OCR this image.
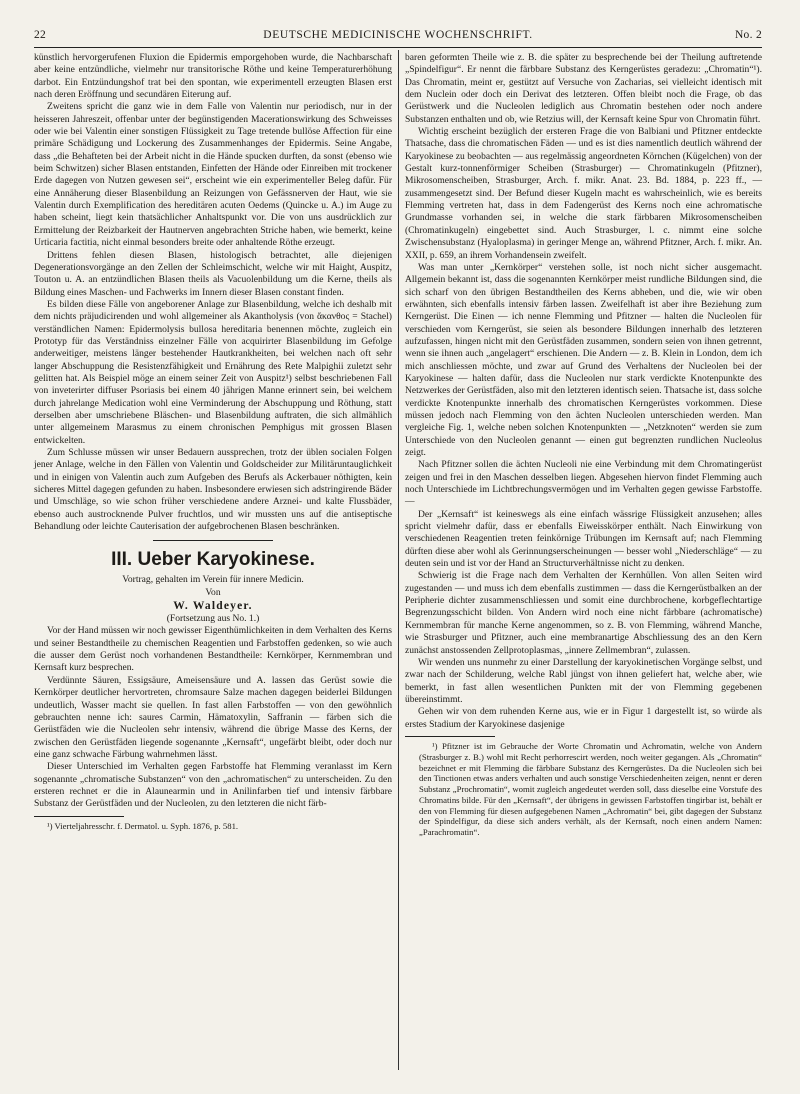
22	DEUTSCHE MEDICINISCHE WOCHENSCHRIFT.	No. 2

künstlich hervorgerufenen Fluxion die Epidermis emporgehoben wurde, die Nachbarschaft aber keine entzündliche, vielmehr nur transitorische Röthe und keine Temperaturerhöhung darbot. Ein Entzündungshof trat bei den spontan, wie experimentell erzeugten Blasen erst nach deren Eröffnung und secundären Eiterung auf.

Zweitens spricht die ganz wie in dem Falle von Valentin nur periodisch, nur in der heisseren Jahreszeit, offenbar unter der begünstigenden Macerationswirkung des Schweisses oder wie bei Valentin einer sonstigen Flüssigkeit zu Tage tretende bullöse Affection für eine primäre Schädigung und Lockerung des Zusammenhanges der Epidermis. Seine Angabe, dass „die Behafteten bei der Arbeit nicht in die Hände spucken durften, da sonst (ebenso wie beim Schwitzen) sicher Blasen entstanden, Einfetten der Hände oder Einreiben mit trockener Erde dagegen von Nutzen gewesen sei“, erscheint wie ein experimenteller Beleg dafür. Für eine Annäherung dieser Blasenbildung an Reizungen von Gefässnerven der Haut, wie sie Valentin durch Exemplification des hereditären acuten Oedems (Quincke u. A.) im Auge zu haben scheint, liegt kein thatsächlicher Anhaltspunkt vor. Die von uns ausdrücklich zur Ermittelung der Reizbarkeit der Hautnerven angebrachten Striche haben, wie bemerkt, keine Urticaria factitia, nicht einmal besonders breite oder anhaltende Röthe erzeugt.

Drittens fehlen diesen Blasen, histologisch betrachtet, alle diejenigen Degenerationsvorgänge an den Zellen der Schleimschicht, welche wir mit Haight, Auspitz, Touton u. A. an entzündlichen Blasen theils als Vacuolenbildung um die Kerne, theils als Bildung eines Maschen- und Fachwerks im Innern dieser Blasen constant finden.

Es bilden diese Fälle von angeborener Anlage zur Blasenbildung, welche ich deshalb mit dem nichts präjudicirenden und wohl allgemeiner als Akantholysis (von ἄκανθος = Stachel) verständlichen Namen: Epidermolysis bullosa hereditaria benennen möchte, zugleich ein Prototyp für das Verständniss einzelner Fälle von acquirirter Blasenbildung im Gefolge anderweitiger, meistens länger bestehender Hautkrankheiten, bei welchen nach oft sehr langer Abschuppung die Resistenzfähigkeit und Ernährung des Rete Malpighii zuletzt sehr gelitten hat. Als Beispiel möge an einem seiner Zeit von Auspitz¹) selbst beschriebenen Fall von inveterirter diffuser Psoriasis bei einem 40 jährigen Manne erinnert sein, bei welchem durch jahrelange Medication wohl eine Verminderung der Abschuppung und Röthung, statt derselben aber umschriebene Bläschen- und Blasenbildung auftraten, die sich allmählich unter allgemeinem Marasmus zu einem chronischen Pemphigus mit grossen Blasen entwickelten.

Zum Schlusse müssen wir unser Bedauern aussprechen, trotz der üblen socialen Folgen jener Anlage, welche in den Fällen von Valentin und Goldscheider zur Militäruntauglichkeit und in einigen von Valentin auch zum Aufgeben des Berufs als Ackerbauer nöthigten, kein sicheres Mittel dagegen gefunden zu haben. Insbesondere erwiesen sich adstringirende Bäder und Umschläge, so wie schon früher verschiedene andere Arznei- und kalte Flussbäder, ebenso auch austrocknende Pulver fruchtlos, und wir mussten uns auf die antiseptische Behandlung oder leichte Cauterisation der aufgebrochenen Blasen beschränken.

III. Ueber Karyokinese.

Vortrag, gehalten im Verein für innere Medicin.

Von

W. Waldeyer.

(Fortsetzung aus No. 1.)

Vor der Hand müssen wir noch gewisser Eigenthümlichkeiten in dem Verhalten des Kerns und seiner Bestandtheile zu chemischen Reagentien und Farbstoffen gedenken, so wie auch die ausser dem Gerüst noch vorhandenen Bestandtheile: Kernkörper, Kernmembran und Kernsaft kurz besprechen.

Verdünnte Säuren, Essigsäure, Ameisensäure und A. lassen das Gerüst sowie die Kernkörper deutlicher hervortreten, chromsaure Salze machen dagegen beiderlei Bildungen undeutlich, Wasser macht sie quellen. In fast allen Farbstoffen — von den gewöhnlich gebrauchten nenne ich: saures Carmin, Hämatoxylin, Saffranin — färben sich die Gerüstfäden wie die Nucleolen sehr intensiv, während die übrige Masse des Kerns, der zwischen den Gerüstfäden liegende sogenannte „Kernsaft“, ungefärbt bleibt, oder doch nur eine ganz schwache Färbung wahrnehmen lässt.

Dieser Unterschied im Verhalten gegen Farbstoffe hat Flemming veranlasst im Kern sogenannte „chromatische Substanzen“ von den „achromatischen“ zu unterscheiden. Zu den ersteren rechnet er die in Alaunearmin und in Anilinfarben tief und intensiv färbbare Substanz der Gerüstfäden und der Nucleolen, zu den letzteren die nicht färb-

¹) Vierteljahresschr. f. Dermatol. u. Syph. 1876, p. 581.

baren geformten Theile wie z. B. die später zu besprechende bei der Theilung auftretende „Spindelfigur“. Er nennt die färbbare Substanz des Kerngerüstes geradezu: „Chromatin“¹). Das Chromatin, meint er, gestützt auf Versuche von Zacharias, sei vielleicht identisch mit dem Nuclein oder doch ein Derivat des letzteren. Offen bleibt noch die Frage, ob das Gerüstwerk und die Nucleolen lediglich aus Chromatin bestehen oder noch andere Substanzen enthalten und ob, wie Retzius will, der Kernsaft keine Spur von Chromatin führt.

Wichtig erscheint bezüglich der ersteren Frage die von Balbiani und Pfitzner entdeckte Thatsache, dass die chromatischen Fäden — und es ist dies namentlich deutlich während der Karyokinese zu beobachten — aus regelmässig angeordneten Körnchen (Kügelchen) von der Gestalt kurz-tonnenförmiger Scheiben (Strasburger) — Chromatinkugeln (Pfitzner), Mikrosomenscheiben, Strasburger, Arch. f. mikr. Anat. 23. Bd. 1884, p. 223 ff., — zusammengesetzt sind. Der Befund dieser Kugeln macht es wahrscheinlich, wie es bereits Flemming vertreten hat, dass in dem Fadengerüst des Kerns noch eine achromatische Grundmasse vorhanden sei, in welche die stark färbbaren Mikrosomenscheiben (Chromatinkugeln) eingebettet sind. Auch Strasburger, l. c. nimmt eine solche Zwischensubstanz (Hyaloplasma) in geringer Menge an, während Pfitzner, Arch. f. mikr. An. XXII, p. 659, an ihrem Vorhandensein zweifelt.

Was man unter „Kernkörper“ verstehen solle, ist noch nicht sicher ausgemacht. Allgemein bekannt ist, dass die sogenannten Kernkörper meist rundliche Bildungen sind, die sich scharf von den übrigen Bestandtheilen des Kerns abheben, und die, wie wir oben erwähnten, sich ebenfalls intensiv färben lassen. Zweifelhaft ist aber ihre Beziehung zum Kerngerüst. Die Einen — ich nenne Flemming und Pfitzner — halten die Nucleolen für verschieden vom Kerngerüst, sie seien als besondere Bildungen innerhalb des letzteren aufzufassen, hingen nicht mit den Gerüstfäden zusammen, sondern seien von ihnen getrennt, wenn sie ihnen auch „angelagert“ erschienen. Die Andern — z. B. Klein in London, dem ich mich anschliessen möchte, und zwar auf Grund des Verhaltens der Nucleolen bei der Karyokinese — halten dafür, dass die Nucleolen nur stark verdickte Knotenpunkte des Netzwerkes der Gerüstfäden, also mit den letzteren identisch seien. Thatsache ist, dass solche verdickte Knotenpunkte innerhalb des chromatischen Kerngerüstes vorkommen. Diese müssen jedoch nach Flemming von den ächten Nucleolen unterschieden werden. Man vergleiche Fig. 1, welche neben solchen Knotenpunkten — „Netzknoten“ werden sie zum Unterschiede von den Nucleolen genannt — einen gut begrenzten rundlichen Nucleolus zeigt.

Nach Pfitzner sollen die ächten Nucleoli nie eine Verbindung mit dem Chromatingerüst zeigen und frei in den Maschen desselben liegen. Abgesehen hiervon findet Flemming auch noch Unterschiede im Lichtbrechungsvermögen und im Verhalten gegen gewisse Farbstoffe. —

Der „Kernsaft“ ist keineswegs als eine einfach wässrige Flüssigkeit anzusehen; alles spricht vielmehr dafür, dass er ebenfalls Eiweisskörper enthält. Nach Einwirkung von verschiedenen Reagentien treten feinkörnige Trübungen im Kernsaft auf; nach Flemming dürften diese aber wohl als Gerinnungserscheinungen — besser wohl „Niederschläge“ — zu deuten sein und ist vor der Hand an Structurverhältnisse nicht zu denken.

Schwierig ist die Frage nach dem Verhalten der Kernhüllen. Von allen Seiten wird zugestanden — und muss ich dem ebenfalls zustimmen — dass die Kerngerüstbalken an der Peripherie dichter zusammenschliessen und somit eine durchbrochene, korbgeflechtartige Begrenzungsschicht bilden. Von Andern wird noch eine nicht färbbare (achromatische) Kernmembran für manche Kerne angenommen, so z. B. von Flemming, während Manche, wie Strasburger und Pfitzner, auch eine membranartige Abschliessung des an den Kern zunächst anstossenden Zellprotoplasmas, „innere Zellmembran“, zulassen.

Wir wenden uns nunmehr zu einer Darstellung der karyokinetischen Vorgänge selbst, und zwar nach der Schilderung, welche Rabl jüngst von ihnen geliefert hat, welche aber, wie bemerkt, in fast allen wesentlichen Punkten mit der von Flemming gegebenen übereinstimmt.

Gehen wir von dem ruhenden Kerne aus, wie er in Figur 1 dargestellt ist, so würde als erstes Stadium der Karyokinese dasjenige

¹) Pfitzner ist im Gebrauche der Worte Chromatin und Achromatin, welche von Andern (Strasburger z. B.) wohl mit Recht perhorrescirt werden, noch weiter gegangen. Als „Chromatin“ bezeichnet er mit Flemming die färbbare Substanz des Kerngerüstes. Da die Nucleolen sich bei den Tinctionen etwas anders verhalten und auch sonstige Verschiedenheiten zeigen, nennt er deren Substanz „Prochromatin“, womit zugleich angedeutet werden soll, dass dieselbe eine Vorstufe des Chromatins bilde. Für den „Kernsaft“, der übrigens in gewissen Farbstoffen tingirbar ist, behält er den von Flemming für diesen aufgegebenen Namen „Achromatin“ bei, gibt dagegen der Substanz der Spindelfigur, da diese sich anders verhält, als der Kernsaft, noch einen andern Namen: „Parachromatin“.
